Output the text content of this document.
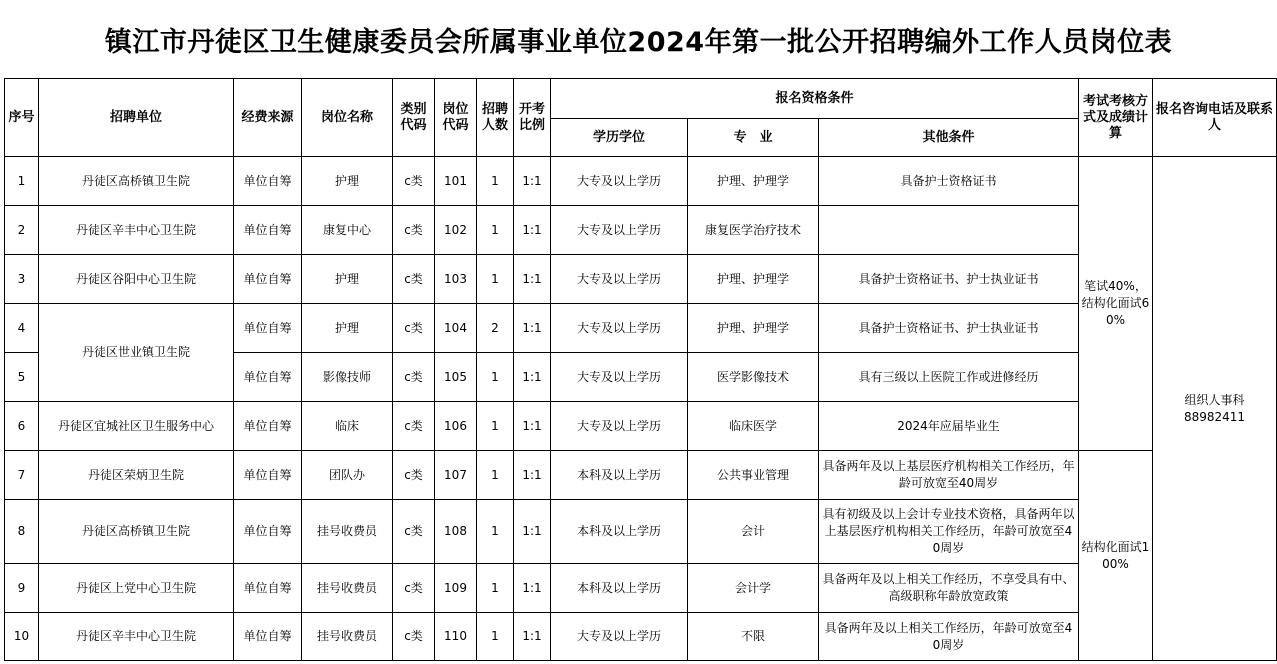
镇江市丹徒区卫生健康委员会所属事业单位2024年第一批公开招聘编外工作人员岗位表
序号	招聘单位	经费来源	岗位名称	类别代码	岗位代码	招聘人数	开考比例	报名资格条件			考试考核方式及成绩计算	报名咨询电话及联系人
								学历学位	专　业	其他条件		
1	丹徒区高桥镇卫生院	单位自筹	护理	c类	101	1	1:1	大专及以上学历	护理、护理学	具备护士资格证书	笔试40%，结构化面试60%	组织人事科
88982411

2	丹徒区辛丰中心卫生院	单位自筹	康复中心	c类	102	1	1:1	大专及以上学历	康复医学治疗技术			
3	丹徒区谷阳中心卫生院	单位自筹	护理	c类	103	1	1:1	大专及以上学历	护理、护理学	具备护士资格证书、护士执业证书		
4	丹徒区世业镇卫生院	单位自筹	护理	c类	104	2	1:1	大专及以上学历	护理、护理学	具备护士资格证书、护士执业证书		
5		单位自筹	影像技师	c类	105	1	1:1	大专及以上学历	医学影像技术	具有三级以上医院工作或进修经历		
6	丹徒区宜城社区卫生服务中心	单位自筹	临床	c类	106	1	1:1	大专及以上学历	临床医学	2024年应届毕业生		
7	丹徒区荣炳卫生院	单位自筹	团队办	c类	107	1	1:1	本科及以上学历	公共事业管理	具备两年及以上基层医疗机构相关工作经历，年龄可放宽至40周岁	结构化面试100%	
8	丹徒区高桥镇卫生院	单位自筹	挂号收费员	c类	108	1	1:1	本科及以上学历	会计	具有初级及以上会计专业技术资格，具备两年以上基层医疗机构相关工作经历，年龄可放宽至40周岁		
9	丹徒区上党中心卫生院	单位自筹	挂号收费员	c类	109	1	1:1	本科及以上学历	会计学	具备两年及以上相关工作经历，不享受具有中、高级职称年龄放宽政策		
10	丹徒区辛丰中心卫生院	单位自筹	挂号收费员	c类	110	1	1:1	大专及以上学历	不限	具备两年及以上相关工作经历，年龄可放宽至40周岁		
